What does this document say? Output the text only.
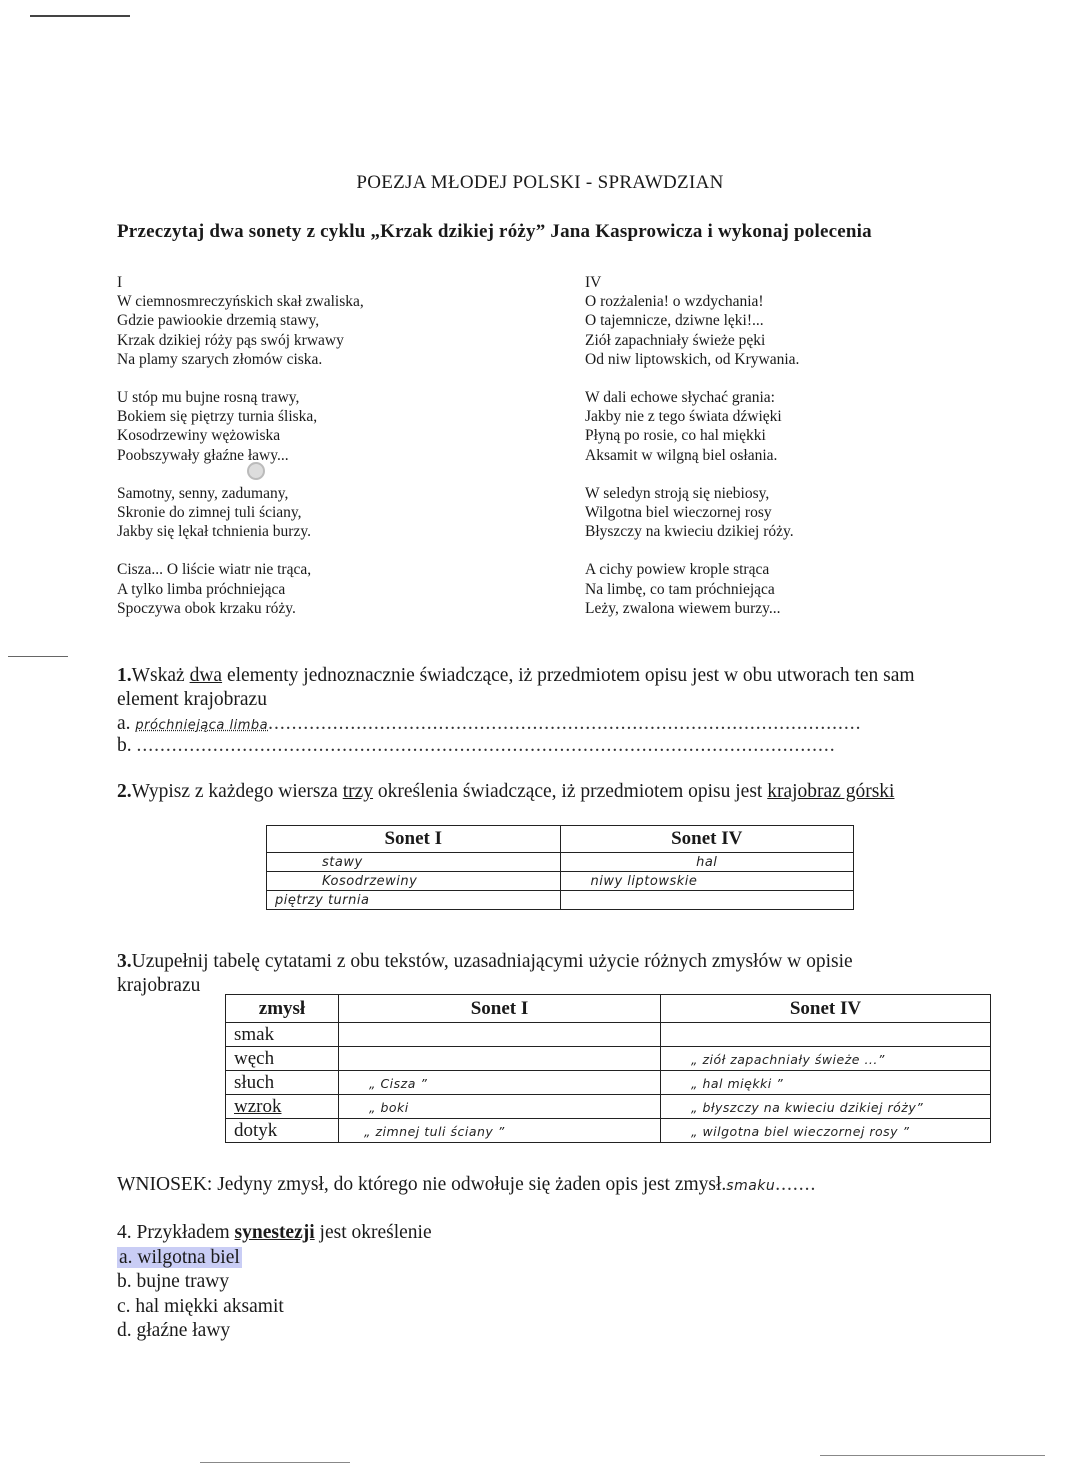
POEZJA MŁODEJ POLSKI - SPRAWDZIAN
Przeczytaj dwa sonety z cyklu „Krzak dzikiej róży” Jana Kasprowicza i wykonaj polecenia
I
W ciemnosmreczyńskich skał zwaliska,
Gdzie pawiookie drzemią stawy,
Krzak dzikiej róży pąs swój krwawy
Na plamy szarych złomów ciska.
U stóp mu bujne rosną trawy,
Bokiem się piętrzy turnia śliska,
Kosodrzewiny wężowiska
Poobszywały głaźne ławy...
Samotny, senny, zadumany,
Skronie do zimnej tuli ściany,
Jakby się lękał tchnienia burzy.
Cisza... O liście wiatr nie trąca,
A tylko limba próchniejąca
Spoczywa obok krzaku róży.
IV
O rozżalenia! o wzdychania!
O tajemnicze, dziwne lęki!...
Ziół zapachniały świeże pęki
Od niw liptowskich, od Krywania.
W dali echowe słychać grania:
Jakby nie z tego świata dźwięki
Płyną po rosie, co hal miękki
Aksamit w wilgną biel osłania.
W seledyn stroją się niebiosy,
Wilgotna biel wieczornej rosy
Błyszczy na kwieciu dzikiej róży.
A cichy powiew krople strąca
Na limbę, co tam próchniejąca
Leży, zwalona wiewem burzy...
1.Wskaż dwa elementy jednoznacznie świadczące, iż przedmiotem opisu jest w obu utworach ten sam
element krajobrazu
a. próchniejąca limba.....................................................................................................
b. .......................................................................................................................
2.Wypisz z każdego wiersza trzy określenia świadczące, iż przedmiotem opisu jest krajobraz górski
Sonet I	Sonet IV
stawy	hal
Kosodrzewiny	niwy liptowskie
piętrzy turnia	
3.Uzupełnij tabelę cytatami z obu tekstów, uzasadniającymi użycie różnych zmysłów w opisie
krajobrazu
zmysł	Sonet I	Sonet IV
smak		
węch		„ ziół zapachniały świeże ...”
słuch	„ Cisza ”	„ hal miękki ”
wzrok	„ boki	„ błyszczy na kwieciu dzikiej róży”
dotyk	„ zimnej tuli ściany ”	„ wilgotna biel wieczornej rosy ”
WNIOSEK: Jedyny zmysł, do którego nie odwołuje się żaden opis jest zmysł.smaku.......
4. Przykładem synestezji jest określenie
a. wilgotna biel
b. bujne trawy
c. hal miękki aksamit
d. głaźne ławy
